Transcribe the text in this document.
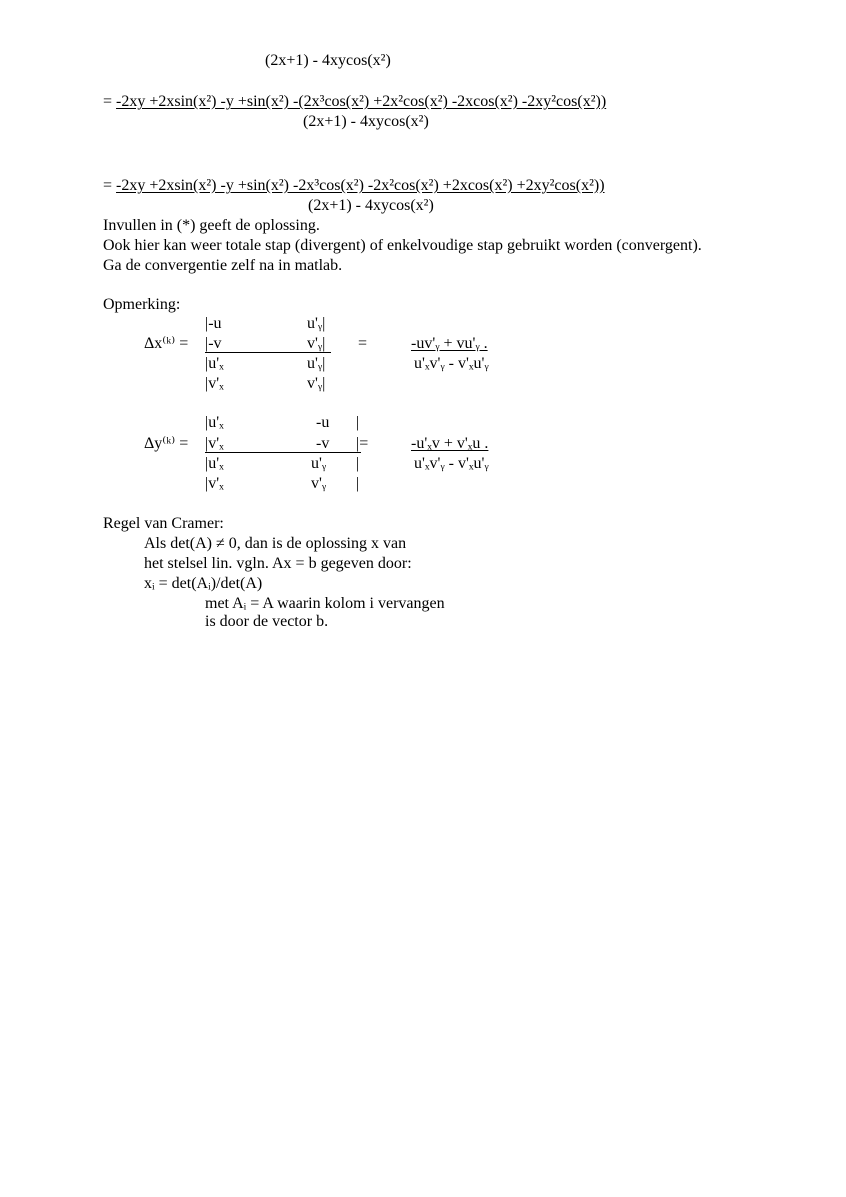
(2x+1) - 4xycos(x²)
= -2xy +2xsin(x²) -y +sin(x²) -(2x³cos(x²) +2x²cos(x²) -2xcos(x²) -2xy²cos(x²))
(2x+1) - 4xycos(x²)
= -2xy +2xsin(x²) -y +sin(x²) -2x³cos(x²) -2x²cos(x²) +2xcos(x²) +2xy²cos(x²))
(2x+1) - 4xycos(x²)
Invullen in (*) geeft de oplossing.
Ook hier kan weer totale stap (divergent) of enkelvoudige stap gebruikt worden (convergent).
Ga de convergentie zelf na in matlab.
Opmerking:
Δx⁽ᵏ⁾ =
|-u	u'ᵧ|
|-v	v'ᵧ|
|u'ₓ	u'ᵧ|
|v'ₓ	v'ᵧ|
=	-uv'ᵧ + vu'ᵧ .
u'ₓv'ᵧ - v'ₓu'ᵧ
Δy⁽ᵏ⁾ =
|u'ₓ	-u |
|v'ₓ	-v |=
|u'ₓ	u'ᵧ |
|v'ₓ	v'ᵧ |
-u'ₓv + v'ₓu .
u'ₓv'ᵧ - v'ₓu'ᵧ
Regel van Cramer:
Als det(A) ≠ 0, dan is de oplossing x van
het stelsel lin. vgln. Ax = b gegeven door:
xᵢ = det(Aᵢ)/det(A)
met Aᵢ = A waarin kolom i vervangen
is door de vector b.
